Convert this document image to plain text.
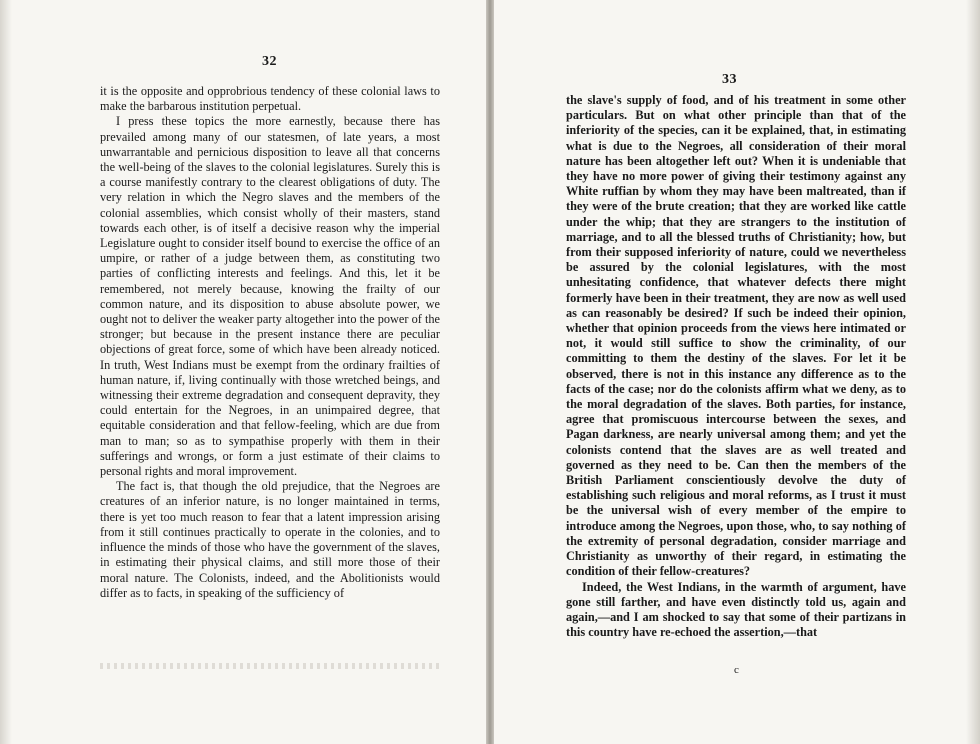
32

it is the opposite and opprobrious tendency of these colonial laws to make the barbarous institution perpetual.

I press these topics the more earnestly, because there has prevailed among many of our statesmen, of late years, a most unwarrantable and pernicious disposition to leave all that concerns the well-being of the slaves to the colonial legislatures. Surely this is a course manifestly contrary to the clearest obligations of duty. The very relation in which the Negro slaves and the members of the colonial assemblies, which consist wholly of their masters, stand towards each other, is of itself a decisive reason why the imperial Legislature ought to consider itself bound to exercise the office of an umpire, or rather of a judge between them, as constituting two parties of conflicting interests and feelings. And this, let it be remembered, not merely because, knowing the frailty of our common nature, and its disposition to abuse absolute power, we ought not to deliver the weaker party altogether into the power of the stronger; but because in the present instance there are peculiar objections of great force, some of which have been already noticed. In truth, West Indians must be exempt from the ordinary frailties of human nature, if, living continually with those wretched beings, and witnessing their extreme degradation and consequent depravity, they could entertain for the Negroes, in an unimpaired degree, that equitable consideration and that fellow-feeling, which are due from man to man; so as to sympathise properly with them in their sufferings and wrongs, or form a just estimate of their claims to personal rights and moral improvement.

The fact is, that though the old prejudice, that the Negroes are creatures of an inferior nature, is no longer maintained in terms, there is yet too much reason to fear that a latent impression arising from it still continues practically to operate in the colonies, and to influence the minds of those who have the government of the slaves, in estimating their physical claims, and still more those of their moral nature. The Colonists, indeed, and the Abolitionists would differ as to facts, in speaking of the sufficiency of

33

the slave's supply of food, and of his treatment in some other particulars. But on what other principle than that of the inferiority of the species, can it be explained, that, in estimating what is due to the Negroes, all consideration of their moral nature has been altogether left out? When it is undeniable that they have no more power of giving their testimony against any White ruffian by whom they may have been maltreated, than if they were of the brute creation; that they are worked like cattle under the whip; that they are strangers to the institution of marriage, and to all the blessed truths of Christianity; how, but from their supposed inferiority of nature, could we nevertheless be assured by the colonial legislatures, with the most unhesitating confidence, that whatever defects there might formerly have been in their treatment, they are now as well used as can reasonably be desired? If such be indeed their opinion, whether that opinion proceeds from the views here intimated or not, it would still suffice to show the criminality, of our committing to them the destiny of the slaves. For let it be observed, there is not in this instance any difference as to the facts of the case; nor do the colonists affirm what we deny, as to the moral degradation of the slaves. Both parties, for instance, agree that promiscuous intercourse between the sexes, and Pagan darkness, are nearly universal among them; and yet the colonists contend that the slaves are as well treated and governed as they need to be. Can then the members of the British Parliament conscientiously devolve the duty of establishing such religious and moral reforms, as I trust it must be the universal wish of every member of the empire to introduce among the Negroes, upon those, who, to say nothing of the extremity of personal degradation, consider marriage and Christianity as unworthy of their regard, in estimating the condition of their fellow-creatures?

Indeed, the West Indians, in the warmth of argument, have gone still farther, and have even distinctly told us, again and again,—and I am shocked to say that some of their partizans in this country have re-echoed the assertion,—that

c
